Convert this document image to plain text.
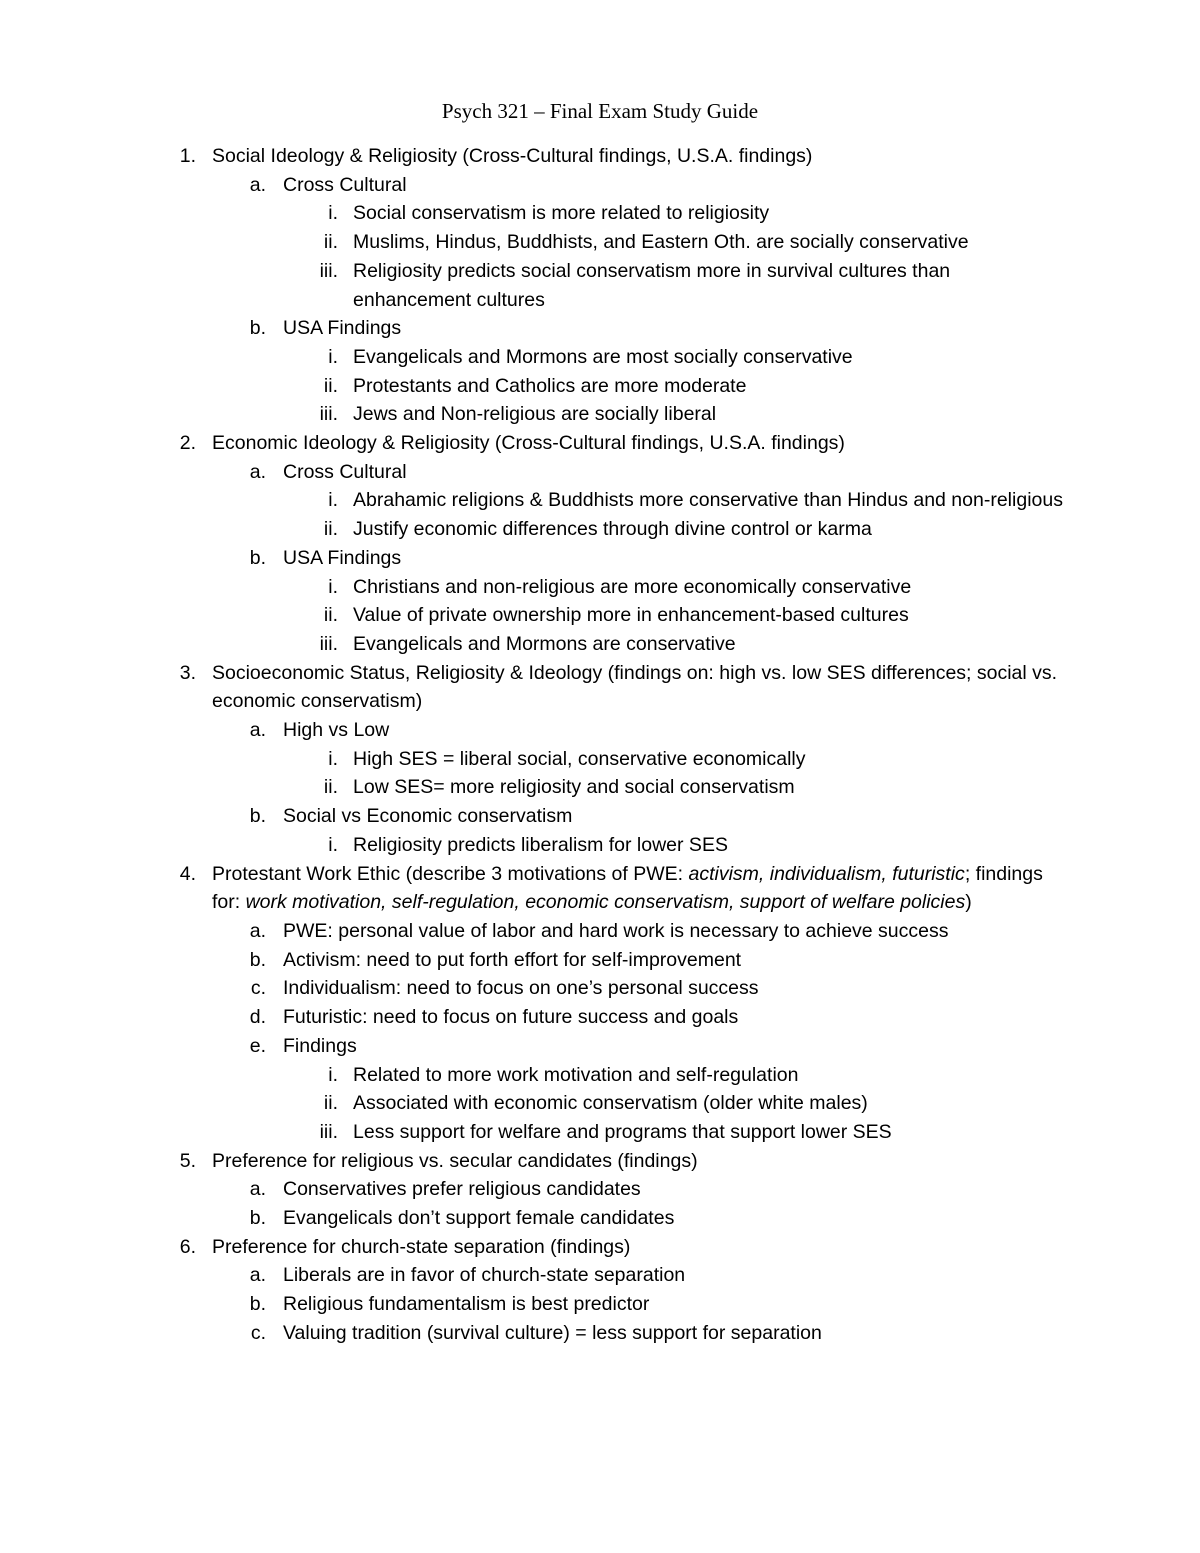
Psych 321 – Final Exam Study Guide
1. Social Ideology & Religiosity (Cross-Cultural findings, U.S.A. findings)
a. Cross Cultural
i. Social conservatism is more related to religiosity
ii. Muslims, Hindus, Buddhists, and Eastern Oth. are socially conservative
iii. Religiosity predicts social conservatism more in survival cultures than enhancement cultures
b. USA Findings
i. Evangelicals and Mormons are most socially conservative
ii. Protestants and Catholics are more moderate
iii. Jews and Non-religious are socially liberal
2. Economic Ideology & Religiosity (Cross-Cultural findings, U.S.A. findings)
a. Cross Cultural
i. Abrahamic religions & Buddhists more conservative than Hindus and non-religious
ii. Justify economic differences through divine control or karma
b. USA Findings
i. Christians and non-religious are more economically conservative
ii. Value of private ownership more in enhancement-based cultures
iii. Evangelicals and Mormons are conservative
3. Socioeconomic Status, Religiosity & Ideology (findings on: high vs. low SES differences; social vs. economic conservatism)
a. High vs Low
i. High SES = liberal social, conservative economically
ii. Low SES= more religiosity and social conservatism
b. Social vs Economic conservatism
i. Religiosity predicts liberalism for lower SES
4. Protestant Work Ethic (describe 3 motivations of PWE: activism, individualism, futuristic; findings for: work motivation, self-regulation, economic conservatism, support of welfare policies)
a. PWE: personal value of labor and hard work is necessary to achieve success
b. Activism: need to put forth effort for self-improvement
c. Individualism: need to focus on one’s personal success
d. Futuristic: need to focus on future success and goals
e. Findings
i. Related to more work motivation and self-regulation
ii. Associated with economic conservatism (older white males)
iii. Less support for welfare and programs that support lower SES
5. Preference for religious vs. secular candidates (findings)
a. Conservatives prefer religious candidates
b. Evangelicals don’t support female candidates
6. Preference for church-state separation (findings)
a. Liberals are in favor of church-state separation
b. Religious fundamentalism is best predictor
c. Valuing tradition (survival culture) = less support for separation
